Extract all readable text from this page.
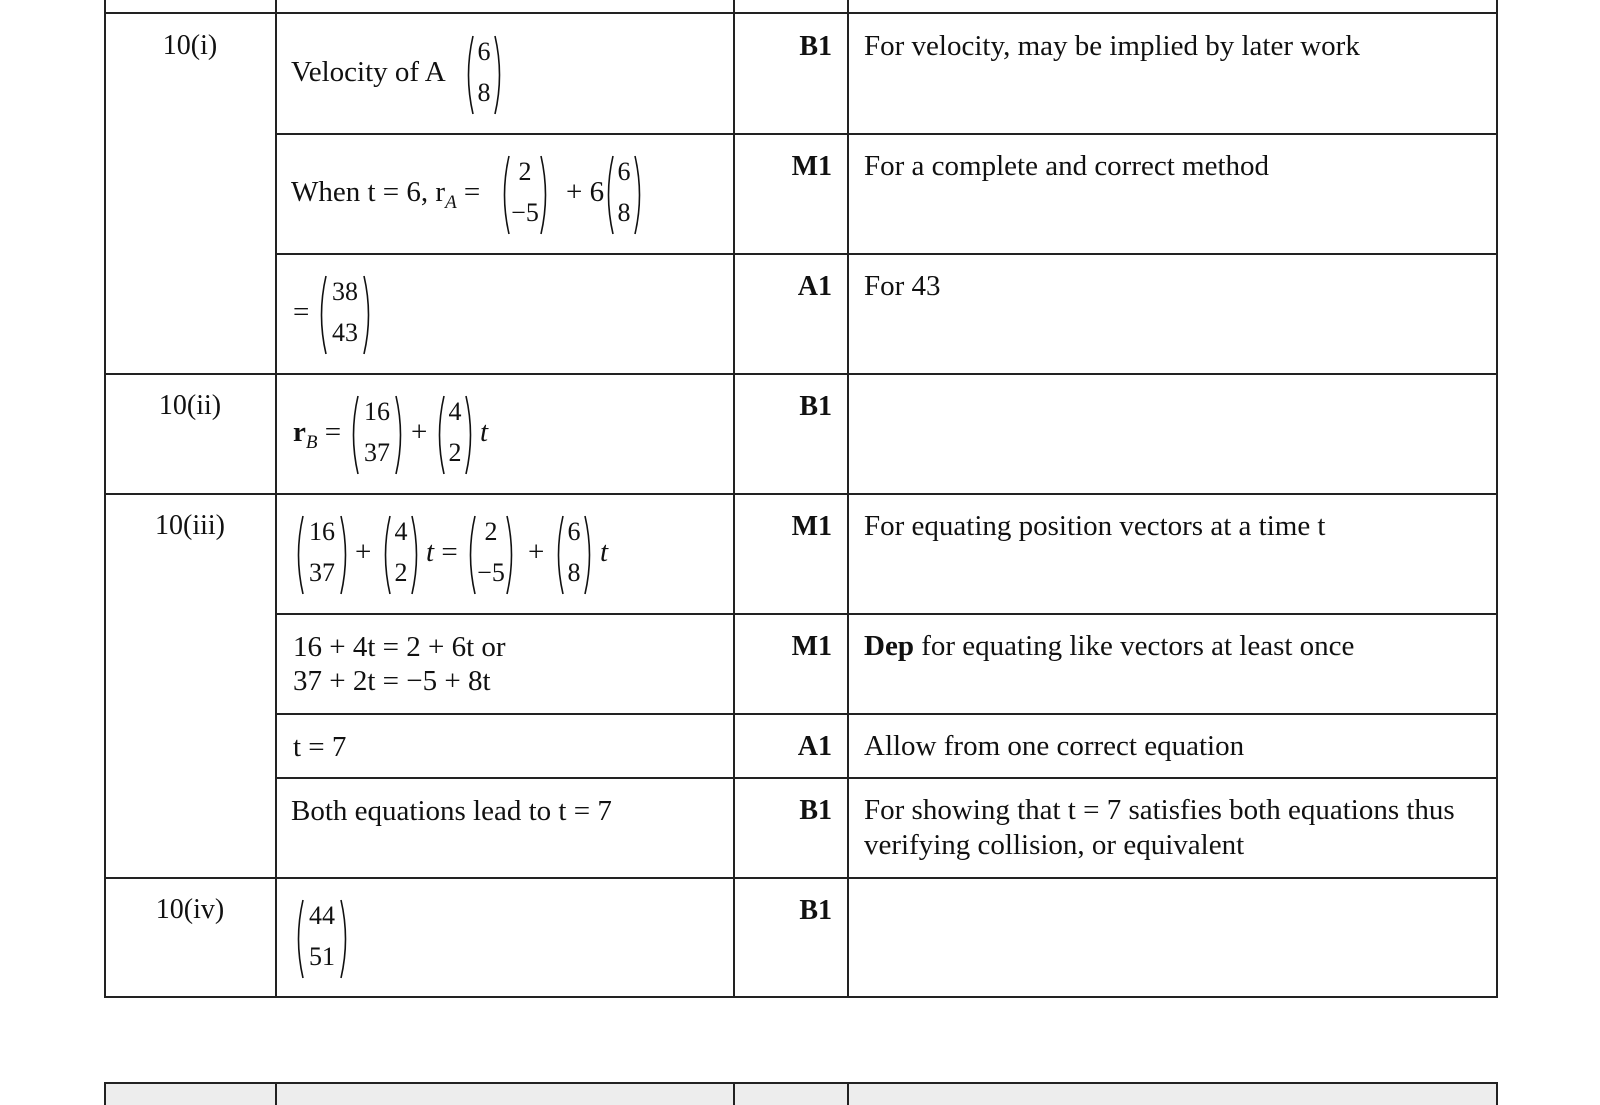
10(i)
10(ii)
10(iii)
10(iv)
B1
M1
A1
B1
M1
M1
A1
B1
B1
For velocity, may be implied by later work
For a complete and correct method
For 43
For equating position vectors at a time t
Dep for equating like vectors at least once
Allow from one correct equation
For showing that t = 7 satisfies both equations thus
verifying collision, or equivalent
Velocity of A
6
8
When t = 6, $r_A$ =
2
−5
+ 6
6
8
=
38
43
$r_B$ =
16
37
+
4
2
t
16
37
+
4
2
t =
2
−5
+
6
8
t
16 + 4t = 2 + 6t or
37 + 2t = −5 + 8t
t = 7
Both equations lead to t = 7
44
51
